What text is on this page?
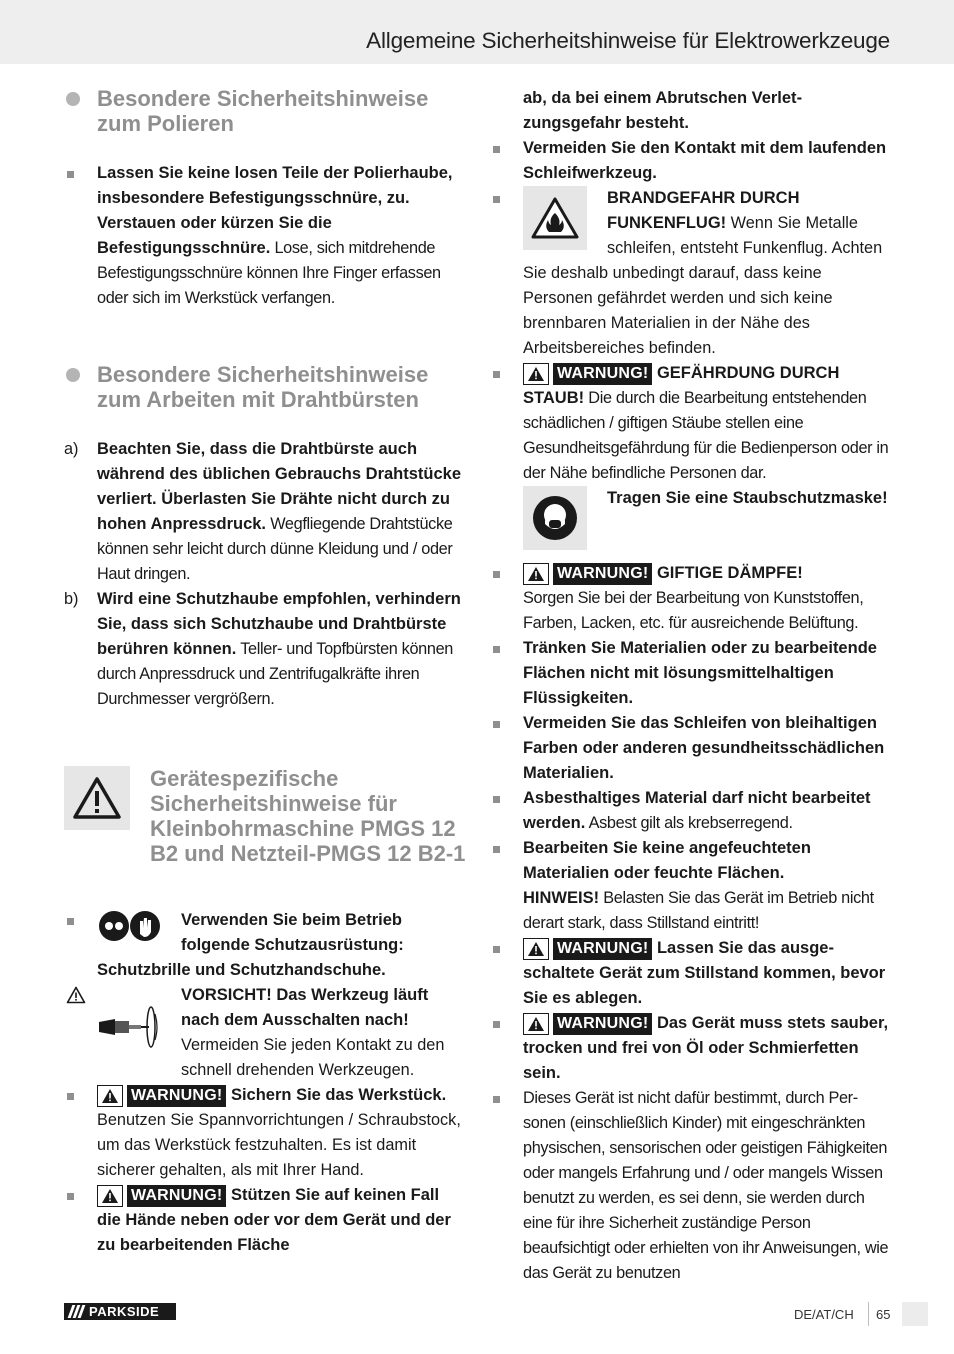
Allgemeine Sicherheitshinweise für Elektrowerkzeuge
Besondere Sicherheitshinweise zum Polieren
Lassen Sie keine losen Teile der Polierhaube, insbesondere Befestigungsschnüre, zu. Verstauen oder kürzen Sie die Befestigungsschnüre. Lose, sich mitdrehende Befestigungsschnüre können Ihre Finger erfassen oder sich im Werkstück verfangen.
Besondere Sicherheitshinweise zum Arbeiten mit Drahtbürsten
a) Beachten Sie, dass die Drahtbürste auch während des üblichen Gebrauchs Drahtstücke verliert. Überlasten Sie Drähte nicht durch zu hohen Anpressdruck. Wegfliegende Drahtstücke können sehr leicht durch dünne Kleidung und / oder Haut dringen.
b) Wird eine Schutzhaube empfohlen, verhindern Sie, dass sich Schutzhaube und Drahtbürste berühren können. Teller- und Topfbürsten können durch Anpressdruck und Zentrifugalkräfte ihren Durchmesser vergrößern.
Gerätespezifische Sicherheitshinweise für Kleinbohrmaschine PMGS 12 B2 und Netzteil-PMGS 12 B2-1
Verwenden Sie beim Betrieb folgende Schutzausrüstung: Schutzbrille und Schutzhandschuhe.
VORSICHT! Das Werkzeug läuft nach dem Ausschalten nach! Vermeiden Sie jeden Kontakt zu den schnell drehenden Werkzeugen.
WARNUNG! Sichern Sie das Werkstück. Benutzen Sie Spannvorrichtungen / Schraubstock, um das Werkstück festzuhalten. Es ist damit sicherer gehalten, als mit Ihrer Hand.
WARNUNG! Stützen Sie auf keinen Fall die Hände neben oder vor dem Gerät und der zu bearbeitenden Fläche
ab, da bei einem Abrutschen Verletzungsgefahr besteht.
Vermeiden Sie den Kontakt mit dem laufenden Schleifwerkzeug.
BRANDGEFAHR DURCH FUNKENFLUG! Wenn Sie Metalle schleifen, entsteht Funkenflug. Achten Sie deshalb unbedingt darauf, dass keine Personen gefährdet werden und sich keine brennbaren Materialien in der Nähe des Arbeitsbereiches befinden.
WARNUNG! GEFÄHRDUNG DURCH STAUB! Die durch die Bearbeitung entstehenden schädlichen / giftigen Stäube stellen eine Gesundheitsgefährdung für die Bedienperson oder in der Nähe befindliche Personen dar.
Tragen Sie eine Staubschutzmaske!
WARNUNG! GIFTIGE DÄMPFE!
Sorgen Sie bei der Bearbeitung von Kunststoffen, Farben, Lacken, etc. für ausreichende Belüftung.
Tränken Sie Materialien oder zu bearbeitende Flächen nicht mit lösungsmittelhaltigen Flüssigkeiten.
Vermeiden Sie das Schleifen von bleihaltigen Farben oder anderen gesundheitsschädlichen Materialien.
Asbesthaltiges Material darf nicht bearbeitet werden. Asbest gilt als krebserregend.
Bearbeiten Sie keine angefeuchteten Materialien oder feuchte Flächen.
HINWEIS! Belasten Sie das Gerät im Betrieb nicht derart stark, dass Stillstand eintritt!
WARNUNG! Lassen Sie das ausgeschaltete Gerät zum Stillstand kommen, bevor Sie es ablegen.
WARNUNG! Das Gerät muss stets sauber, trocken und frei von Öl oder Schmierfetten sein.
Dieses Gerät ist nicht dafür bestimmt, durch Personen (einschließlich Kinder) mit eingeschränkten physischen, sensorischen oder geistigen Fähigkeiten oder mangels Erfahrung und / oder mangels Wissen benutzt zu werden, es sei denn, sie werden durch eine für ihre Sicherheit zuständige Person beaufsichtigt oder erhielten von ihr Anweisungen, wie das Gerät zu benutzen
PARKSIDE	DE/AT/CH 65
